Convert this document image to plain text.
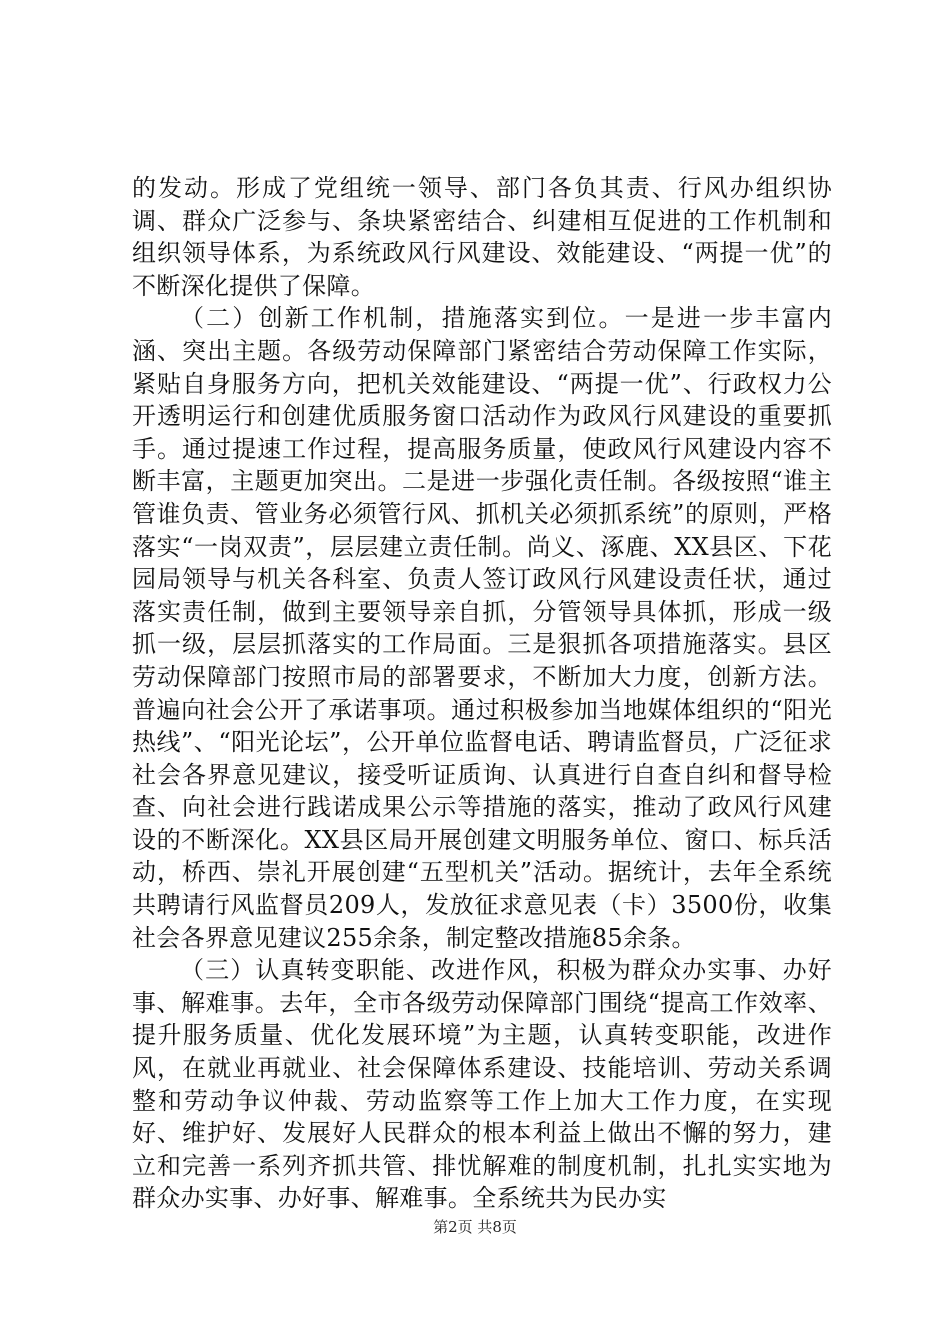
的发动。形成了党组统一领导、部门各负其责、行风办组织协调、群众广泛参与、条块紧密结合、纠建相互促进的工作机制和组织领导体系，为系统政风行风建设、效能建设、“两提一优”的不断深化提供了保障。

（二）创新工作机制，措施落实到位。一是进一步丰富内涵、突出主题。各级劳动保障部门紧密结合劳动保障工作实际，紧贴自身服务方向，把机关效能建设、“两提一优”、行政权力公开透明运行和创建优质服务窗口活动作为政风行风建设的重要抓手。通过提速工作过程，提高服务质量，使政风行风建设内容不断丰富，主题更加突出。二是进一步强化责任制。各级按照“谁主管谁负责、管业务必须管行风、抓机关必须抓系统”的原则，严格落实“一岗双责”，层层建立责任制。尚义、涿鹿、XX县区、下花园局领导与机关各科室、负责人签订政风行风建设责任状，通过落实责任制，做到主要领导亲自抓，分管领导具体抓，形成一级抓一级，层层抓落实的工作局面。三是狠抓各项措施落实。县区劳动保障部门按照市局的部署要求，不断加大力度，创新方法。普遍向社会公开了承诺事项。通过积极参加当地媒体组织的“阳光热线”、“阳光论坛”，公开单位监督电话、聘请监督员，广泛征求社会各界意见建议，接受听证质询、认真进行自查自纠和督导检查、向社会进行践诺成果公示等措施的落实，推动了政风行风建设的不断深化。XX县区局开展创建文明服务单位、窗口、标兵活动，桥西、崇礼开展创建“五型机关”活动。据统计，去年全系统共聘请行风监督员209人，发放征求意见表（卡）3500份，收集社会各界意见建议255余条，制定整改措施85余条。

（三）认真转变职能、改进作风，积极为群众办实事、办好事、解难事。去年，全市各级劳动保障部门围绕“提高工作效率、提升服务质量、优化发展环境”为主题，认真转变职能，改进作风，在就业再就业、社会保障体系建设、技能培训、劳动关系调整和劳动争议仲裁、劳动监察等工作上加大工作力度，在实现好、维护好、发展好人民群众的根本利益上做出不懈的努力，建立和完善一系列齐抓共管、排忧解难的制度机制，扎扎实实地为群众办实事、办好事、解难事。全系统共为民办实

第2页 共8页
